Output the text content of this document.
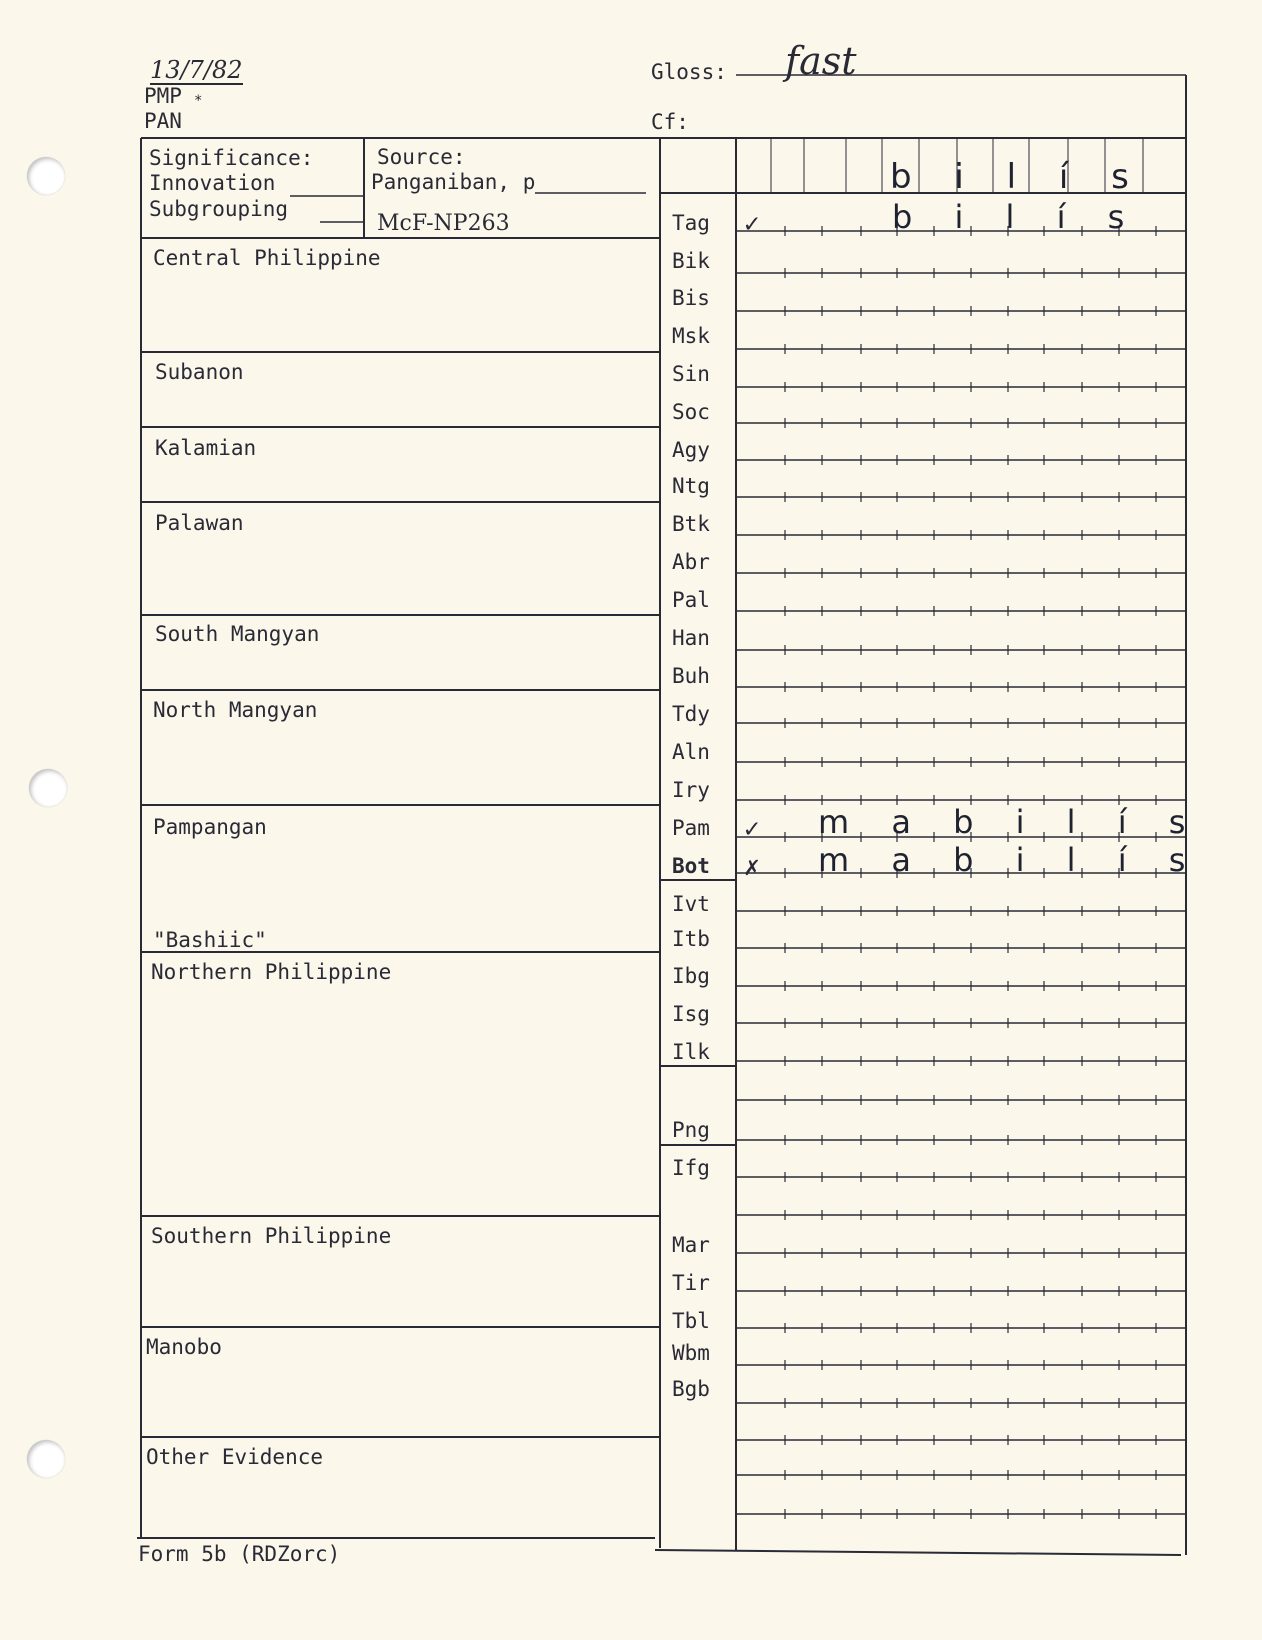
13/7/82
PMP *
PAN
Gloss: fast
Cf:
Significance:
Innovation
Subgrouping
Source:
Panganiban, p
McF-NP263
b i l í s
Central Philippine
Subanon
Kalamian
Palawan
South Mangyan
North Mangyan
Pampangan
"Bashiic"
Northern Philippine
Southern Philippine
Manobo
Other Evidence
Tag ✓	b i l í s
Bik
Bis
Msk
Sin
Soc
Agy
Ntg
Btk
Abr
Pal
Han
Buh
Tdy
Aln
Iry
Pam ✓ m a b i l í s
Bot ✗ m a b i l í s
Ivt
Itb
Ibg
Isg
Ilk
Png
Ifg
Mar
Tir
Tbl
Wbm
Bgb
Form 5b (RDZorc)
